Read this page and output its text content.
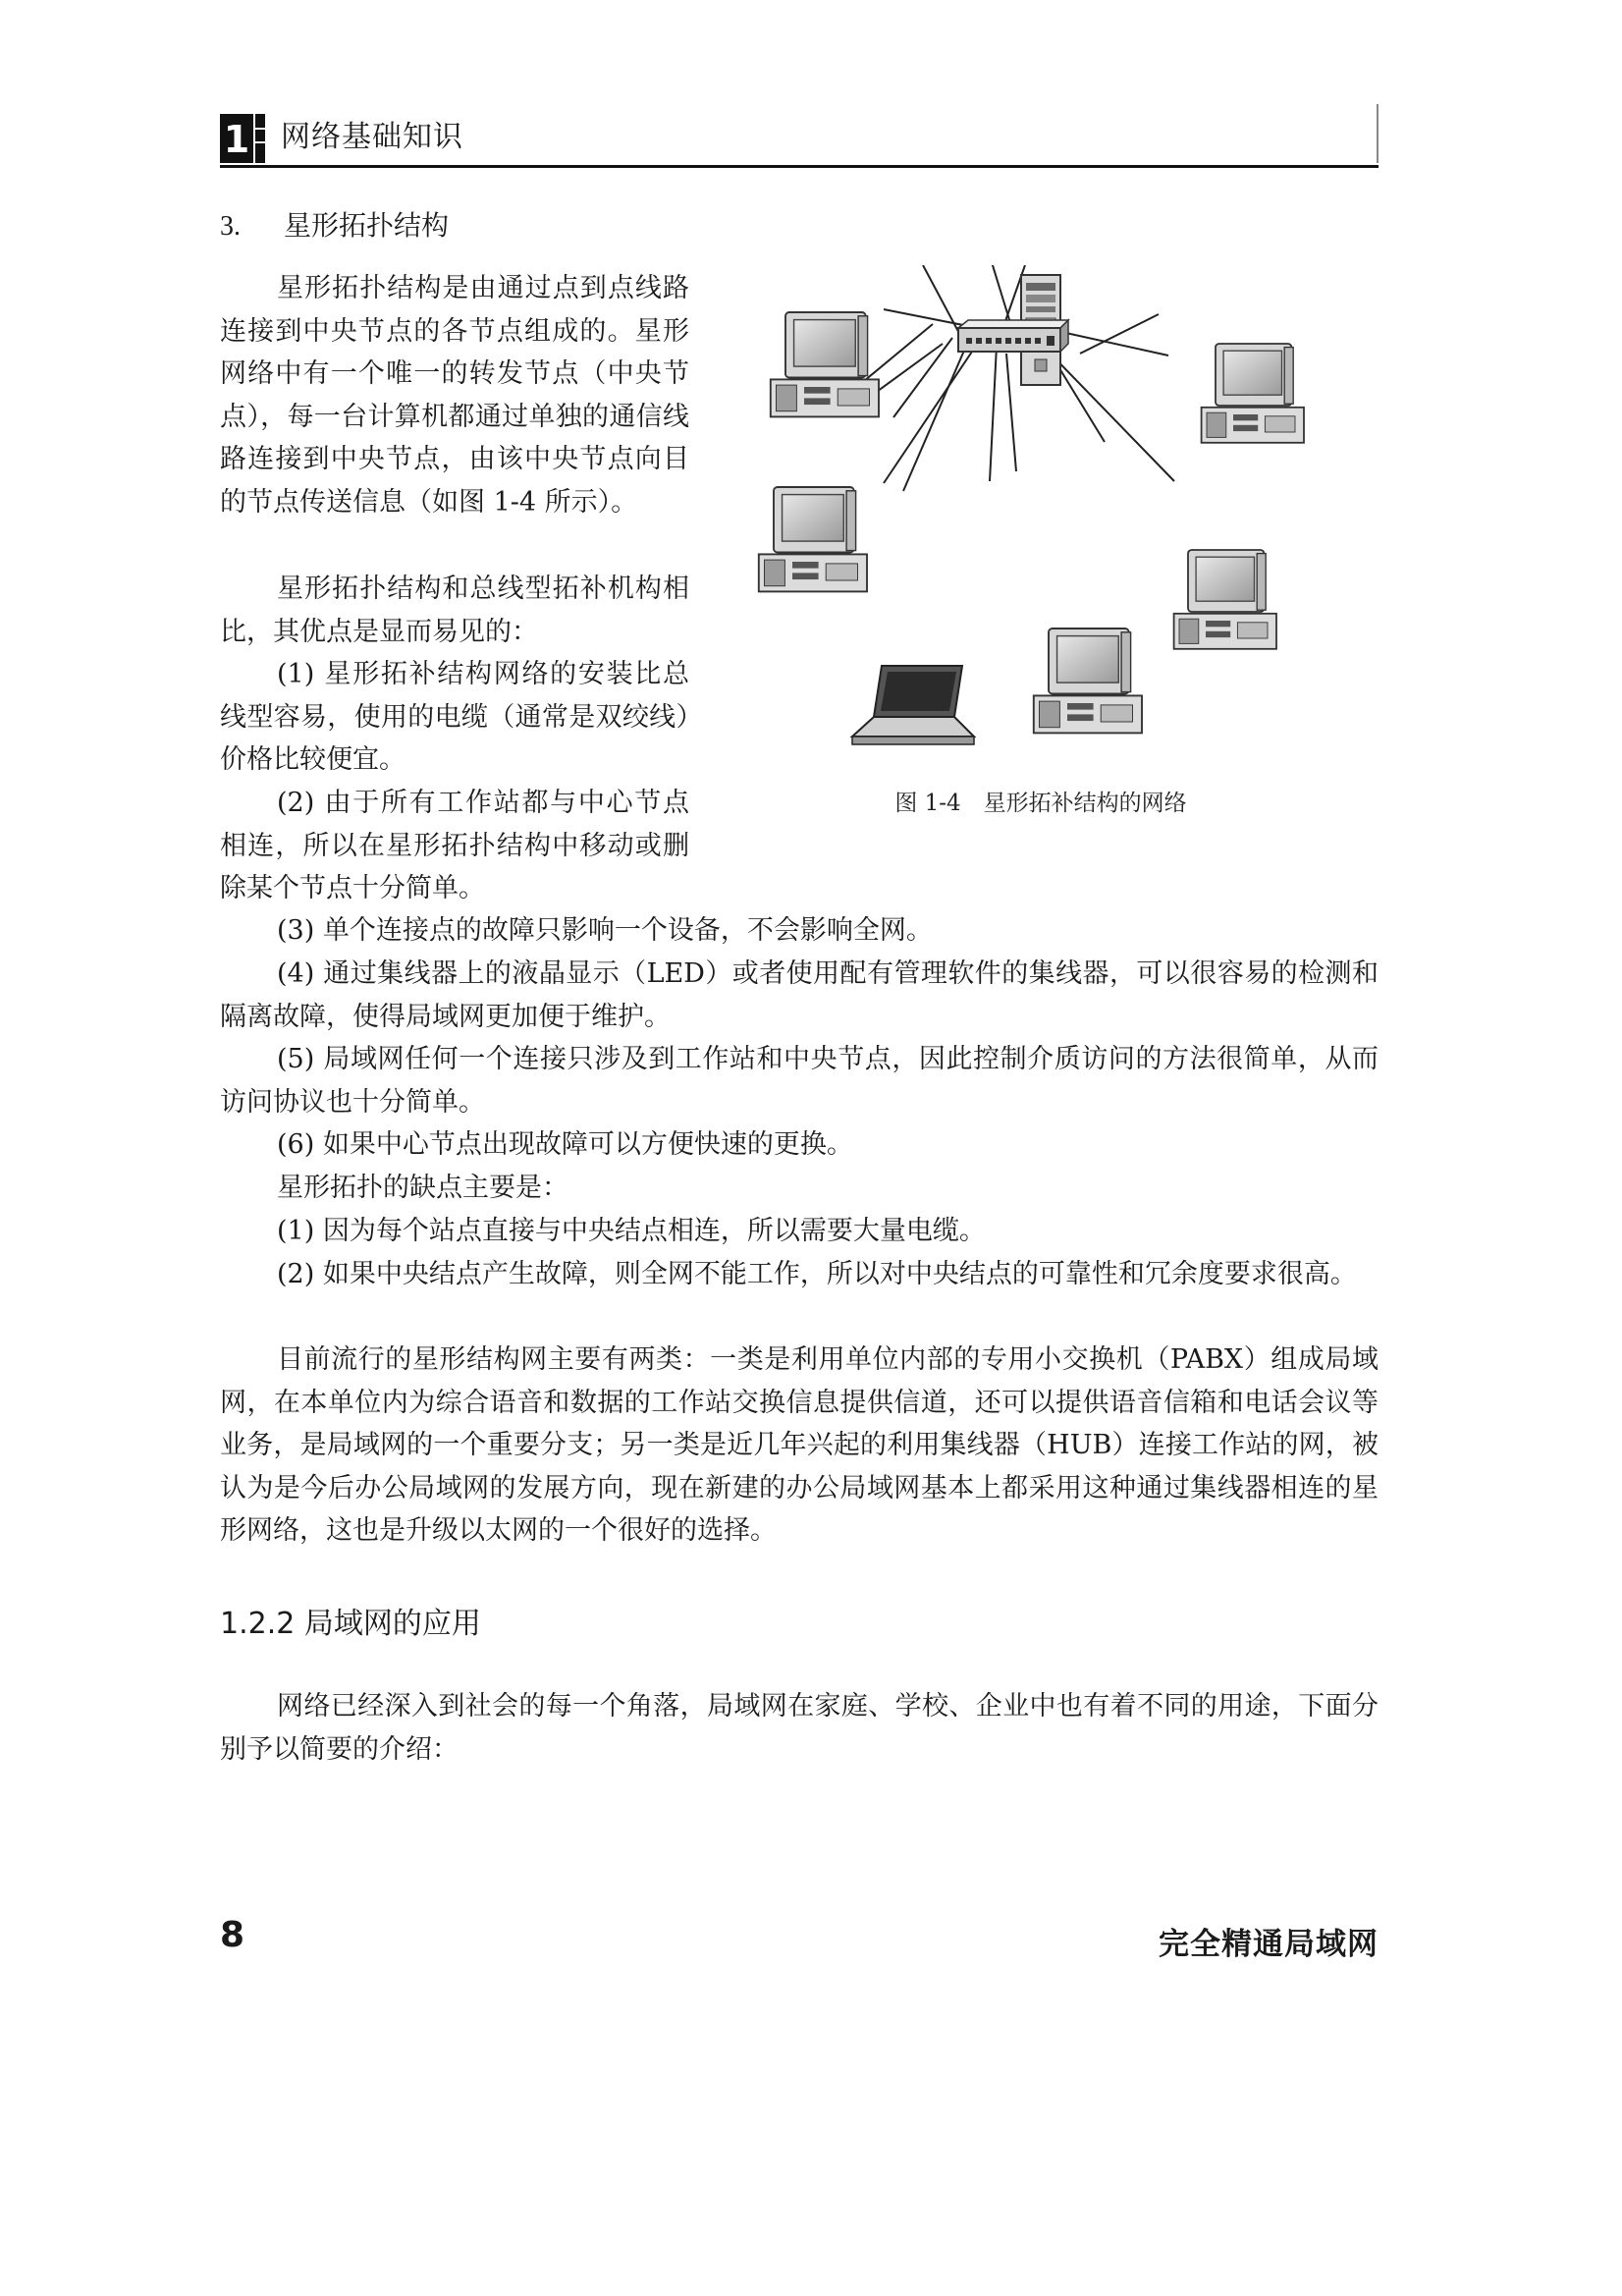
1 网络基础知识
3. 星形拓扑结构

星形拓扑结构是由通过点到点线路连接到中央节点的各节点组成的。星形网络中有一个唯一的转发节点（中央节点），每一台计算机都通过单独的通信线路连接到中央节点，由该中央节点向目的节点传送信息（如图 1-4 所示）。

星形拓扑结构和总线型拓补机构相比，其优点是显而易见的：

(1) 星形拓补结构网络的安装比总线型容易，使用的电缆（通常是双绞线）价格比较便宜。

(2) 由于所有工作站都与中心节点相连，所以在星形拓扑结构中移动或删除某个节点十分简单。

图 1-4　星形拓补结构的网络

(3) 单个连接点的故障只影响一个设备，不会影响全网。

(4) 通过集线器上的液晶显示（LED）或者使用配有管理软件的集线器，可以很容易的检测和隔离故障，使得局域网更加便于维护。

(5) 局域网任何一个连接只涉及到工作站和中央节点，因此控制介质访问的方法很简单，从而访问协议也十分简单。

(6) 如果中心节点出现故障可以方便快速的更换。

星形拓扑的缺点主要是：

(1) 因为每个站点直接与中央结点相连，所以需要大量电缆。

(2) 如果中央结点产生故障，则全网不能工作，所以对中央结点的可靠性和冗余度要求很高。

目前流行的星形结构网主要有两类：一类是利用单位内部的专用小交换机（PABX）组成局域网，在本单位内为综合语音和数据的工作站交换信息提供信道，还可以提供语音信箱和电话会议等业务，是局域网的一个重要分支；另一类是近几年兴起的利用集线器（HUB）连接工作站的网，被认为是今后办公局域网的发展方向，现在新建的办公局域网基本上都采用这种通过集线器相连的星形网络，这也是升级以太网的一个很好的选择。

1.2.2 局域网的应用

网络已经深入到社会的每一个角落，局域网在家庭、学校、企业中也有着不同的用途，下面分别予以简要的介绍：

8	完全精通局域网
